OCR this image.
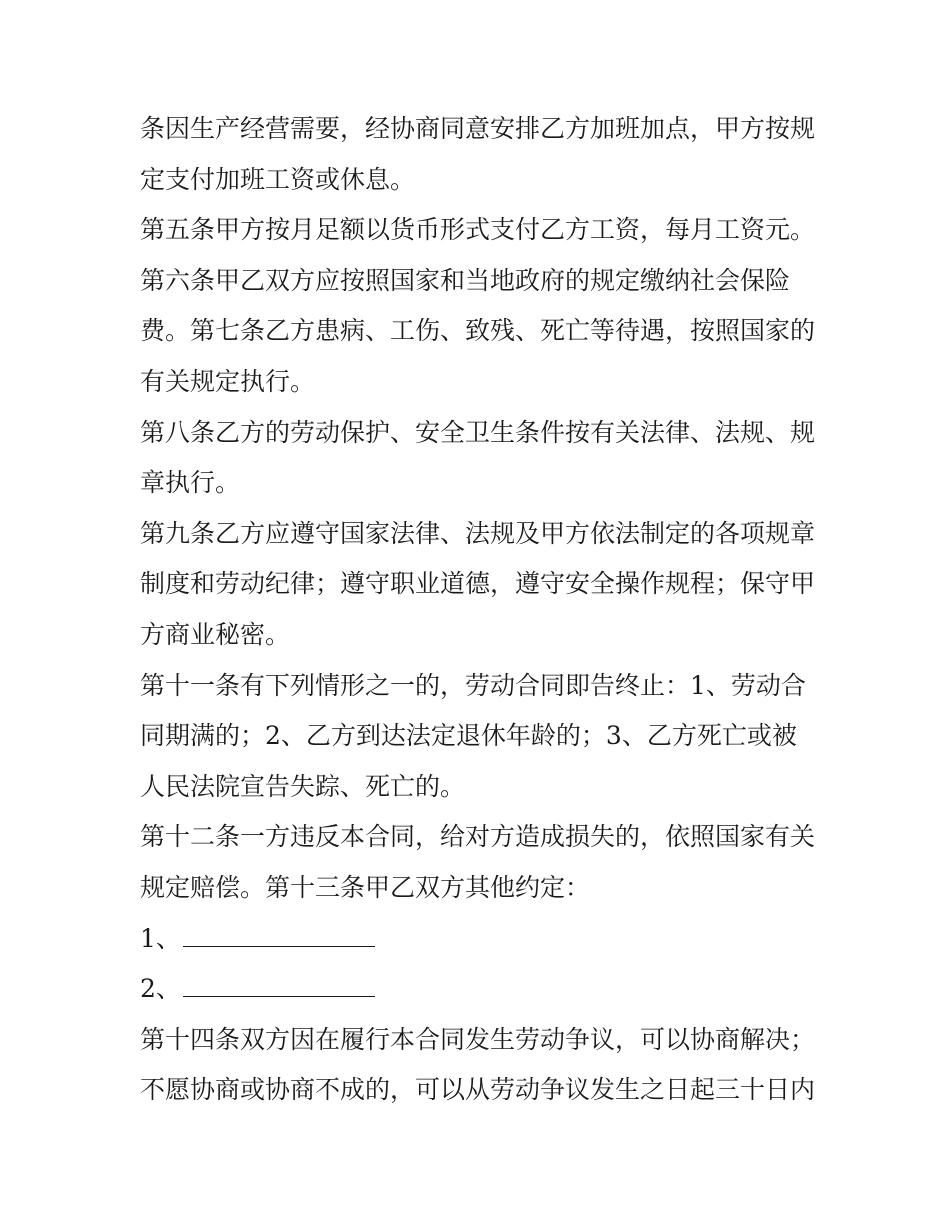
条因生产经营需要，经协商同意安排乙方加班加点，甲方按规
定支付加班工资或休息。

第五条甲方按月足额以货币形式支付乙方工资，每月工资元。

第六条甲乙双方应按照国家和当地政府的规定缴纳社会保险
费。第七条乙方患病、工伤、致残、死亡等待遇，按照国家的
有关规定执行。

第八条乙方的劳动保护、安全卫生条件按有关法律、法规、规
章执行。

第九条乙方应遵守国家法律、法规及甲方依法制定的各项规章
制度和劳动纪律；遵守职业道德，遵守安全操作规程；保守甲
方商业秘密。

第十一条有下列情形之一的，劳动合同即告终止：1、劳动合
同期满的；2、乙方到达法定退休年龄的；3、乙方死亡或被
人民法院宣告失踪、死亡的。

第十二条一方违反本合同，给对方造成损失的，依照国家有关
规定赔偿。第十三条甲乙双方其他约定：

1、
2、

第十四条双方因在履行本合同发生劳动争议，可以协商解决；
不愿协商或协商不成的，可以从劳动争议发生之日起三十日内
